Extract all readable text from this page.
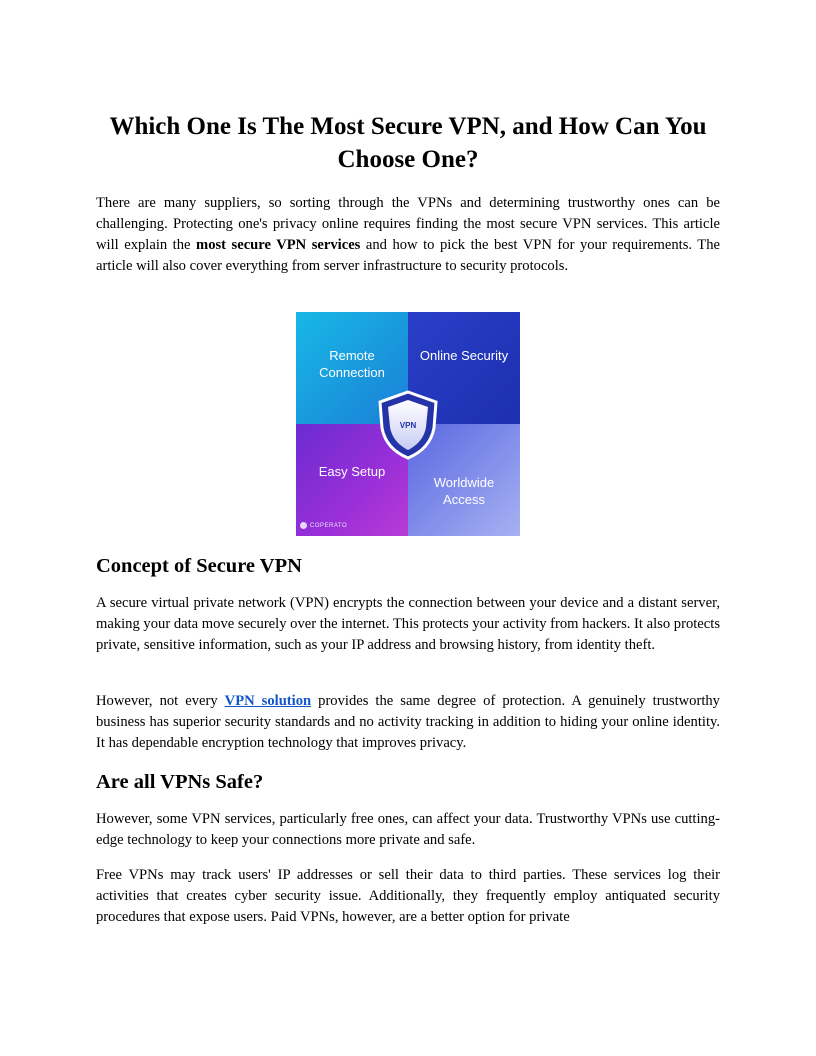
Which One Is The Most Secure VPN, and How Can You Choose One?

There are many suppliers, so sorting through the VPNs and determining trustworthy ones can be challenging. Protecting one's privacy online requires finding the most secure VPN services. This article will explain the most secure VPN services and how to pick the best VPN for your requirements. The article will also cover everything from server infrastructure to security protocols.

Remote Connection
Online Security
Easy Setup
Worldwide Access
VPN
COPERATO
Concept of Secure VPN

A secure virtual private network (VPN) encrypts the connection between your device and a distant server, making your data move securely over the internet. This protects your activity from hackers. It also protects private, sensitive information, such as your IP address and browsing history, from identity theft.

However, not every VPN solution provides the same degree of protection. A genuinely trustworthy business has superior security standards and no activity tracking in addition to hiding your online identity. It has dependable encryption technology that improves privacy.

Are all VPNs Safe?

However, some VPN services, particularly free ones, can affect your data. Trustworthy VPNs use cutting-edge technology to keep your connections more private and safe.

Free VPNs may track users' IP addresses or sell their data to third parties. These services log their activities that creates cyber security issue. Additionally, they frequently employ antiquated security procedures that expose users. Paid VPNs, however, are a better option for private
